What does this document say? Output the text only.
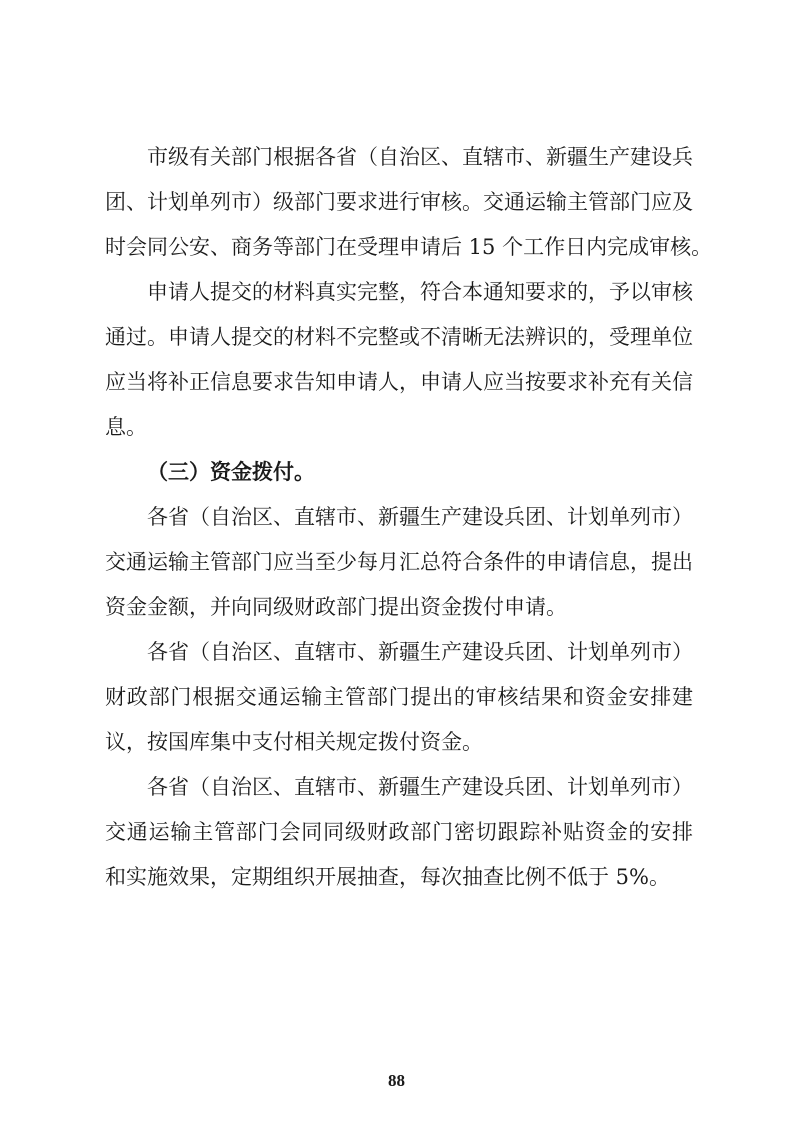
市级有关部门根据各省（自治区、直辖市、新疆生产建设兵
团、计划单列市）级部门要求进行审核。交通运输主管部门应及
时会同公安、商务等部门在受理申请后 15 个工作日内完成审核。
申请人提交的材料真实完整，符合本通知要求的，予以审核
通过。申请人提交的材料不完整或不清晰无法辨识的，受理单位
应当将补正信息要求告知申请人，申请人应当按要求补充有关信
息。
（三）资金拨付。
各省（自治区、直辖市、新疆生产建设兵团、计划单列市）
交通运输主管部门应当至少每月汇总符合条件的申请信息，提出
资金金额，并向同级财政部门提出资金拨付申请。
各省（自治区、直辖市、新疆生产建设兵团、计划单列市）
财政部门根据交通运输主管部门提出的审核结果和资金安排建
议，按国库集中支付相关规定拨付资金。
各省（自治区、直辖市、新疆生产建设兵团、计划单列市）
交通运输主管部门会同同级财政部门密切跟踪补贴资金的安排
和实施效果，定期组织开展抽查，每次抽查比例不低于 5%。
88
